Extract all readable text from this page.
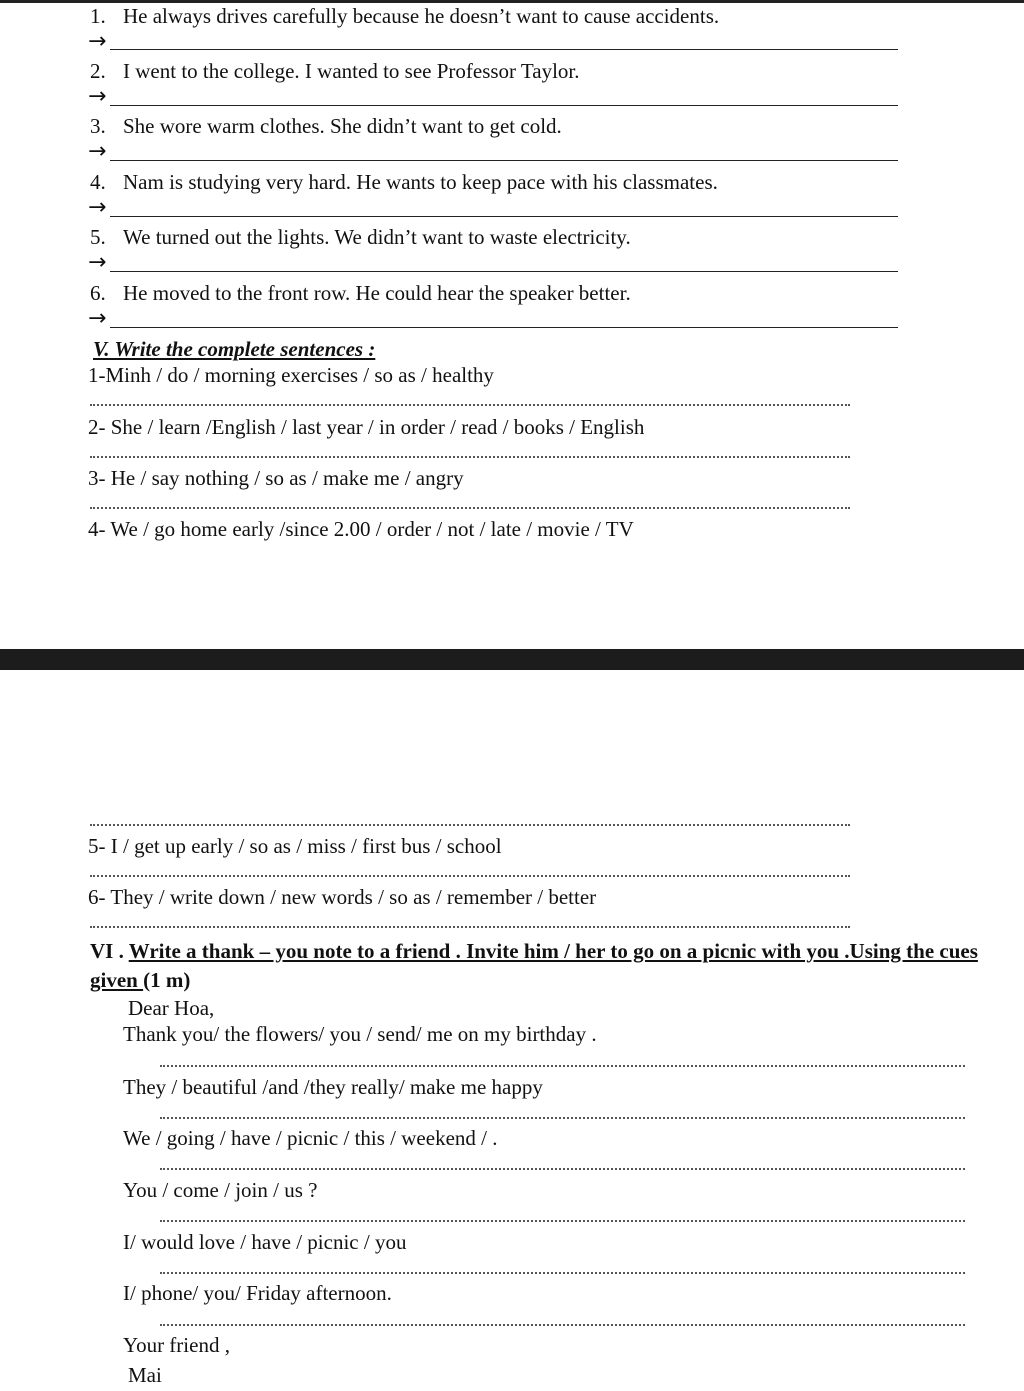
1. He always drives carefully because he doesn’t want to cause accidents.
→
2. I went to the college. I wanted to see Professor Taylor.
→
3. She wore warm clothes. She didn’t want to get cold.
→
4. Nam is studying very hard. He wants to keep pace with his classmates.
→
5. We turned out the lights. We didn’t want to waste electricity.
→
6. He moved to the front row. He could hear the speaker better.
→
V. Write the complete sentences :
1-Minh / do / morning exercises / so as / healthy
2- She / learn /English / last year / in order / read / books / English
3- He / say nothing / so as / make me / angry
4- We / go home early /since 2.00 / order / not / late / movie / TV
5- I / get up early / so as / miss / first bus / school
6- They / write down / new words / so as / remember / better
VI . Write a thank – you note to a friend . Invite him / her to go on a picnic with you .Using the cues given (1 m)
Dear Hoa,
Thank you/ the flowers/ you / send/ me on my birthday .
They / beautiful /and /they really/ make me happy
We / going / have / picnic / this / weekend / .
You / come / join / us ?
I/ would love / have / picnic / you
I/ phone/ you/ Friday afternoon.
Your friend ,
Mai
